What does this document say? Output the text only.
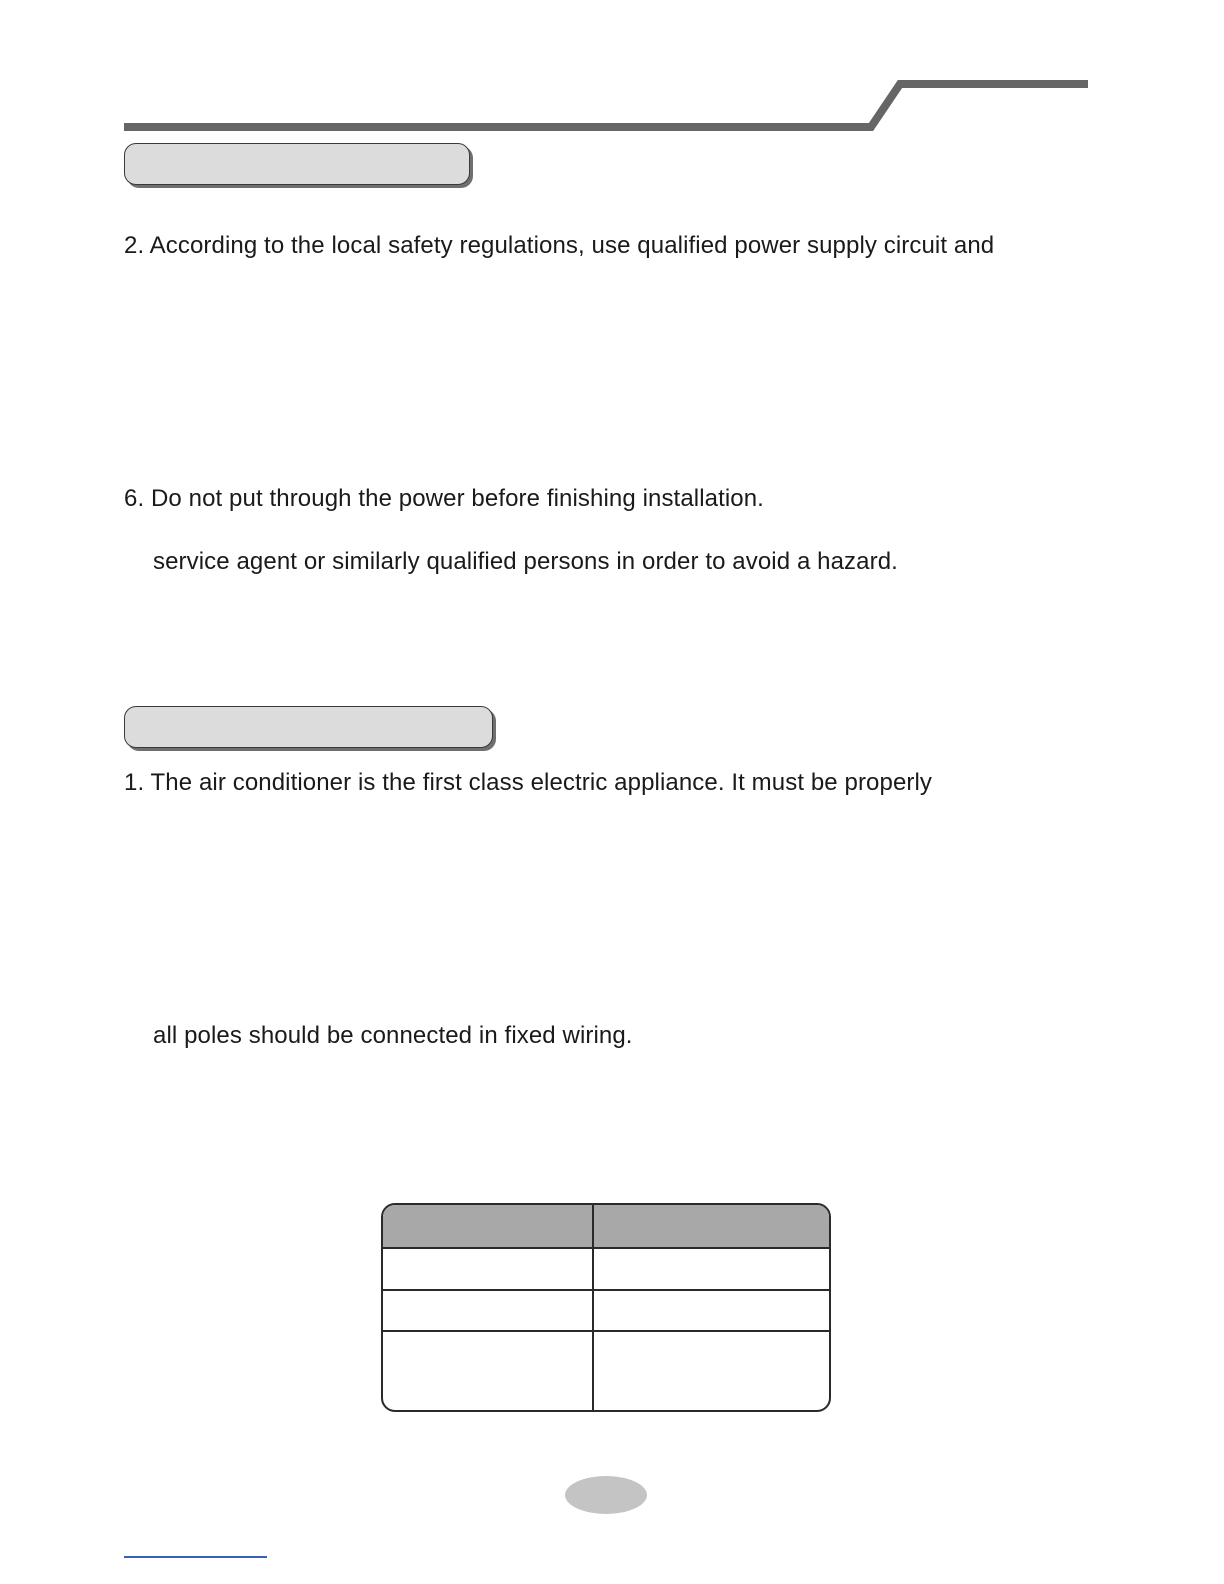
2. According to the local safety regulations, use qualified power supply circuit and
6. Do not put through the power before finishing installation.
service agent or similarly qualified persons in order to avoid a hazard.
1. The air conditioner is the first class electric appliance. It must be properly
all poles should be connected in fixed wiring.
